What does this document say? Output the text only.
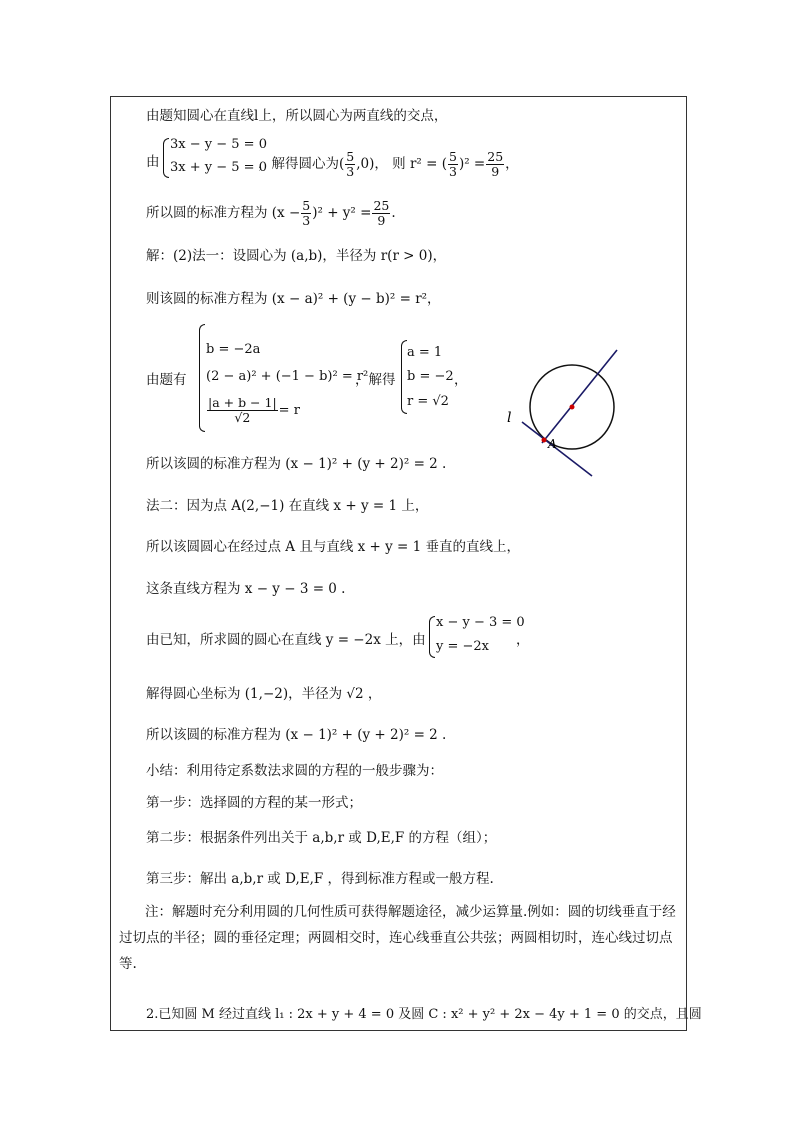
由题知圆心在直线l上，所以圆心为两直线的交点，
由
3x − y − 5 = 0
3x + y − 5 = 0
，解得圆心为( $\frac{5}{3} ,0$)， 则 r² = ( $\frac{5}{3} )^2 = \frac{25}{9}$ ，
所以圆的标准方程为 $(x - \frac{5}{3} )^2 + y^2 = \frac{25}{9}$ .
解：(2)法一：设圆心为 (a,b)，半径为 r(r > 0)，
则该圆的标准方程为 (x − a)² + (y − b)² = r²，
由题有
b = −2a
(2 − a)² + (−1 − b)² = r²
$\frac{|a + b - 1|}{√2} = r$
，解得
a = 1
b = −2
r = √2
，
l
A
所以该圆的标准方程为 (x − 1)² + (y + 2)² = 2 .
法二：因为点 A(2,−1) 在直线 x + y = 1 上，
所以该圆圆心在经过点 A 且与直线 x + y = 1 垂直的直线上，
这条直线方程为 x − y − 3 = 0 .
由已知，所求圆的圆心在直线 y = −2x 上，由
x − y − 3 = 0
y = −2x ，
解得圆心坐标为 (1,−2)，半径为 √2 ，
所以该圆的标准方程为 (x − 1)² + (y + 2)² = 2 .
小结：利用待定系数法求圆的方程的一般步骤为：
第一步：选择圆的方程的某一形式；
第二步：根据条件列出关于 a,b,r 或 D,E,F 的方程（组）；
第三步：解出 a,b,r 或 D,E,F ，得到标准方程或一般方程.
注：解题时充分利用圆的几何性质可获得解题途径，减少运算量.例如：圆的切线垂直于经过切点的半径；圆的垂径定理；两圆相交时，连心线垂直公共弦；两圆相切时，连心线过切点等.
2.已知圆 M 经过直线 l₁ : 2x + y + 4 = 0 及圆 C : x² + y² + 2x − 4y + 1 = 0 的交点，且圆
